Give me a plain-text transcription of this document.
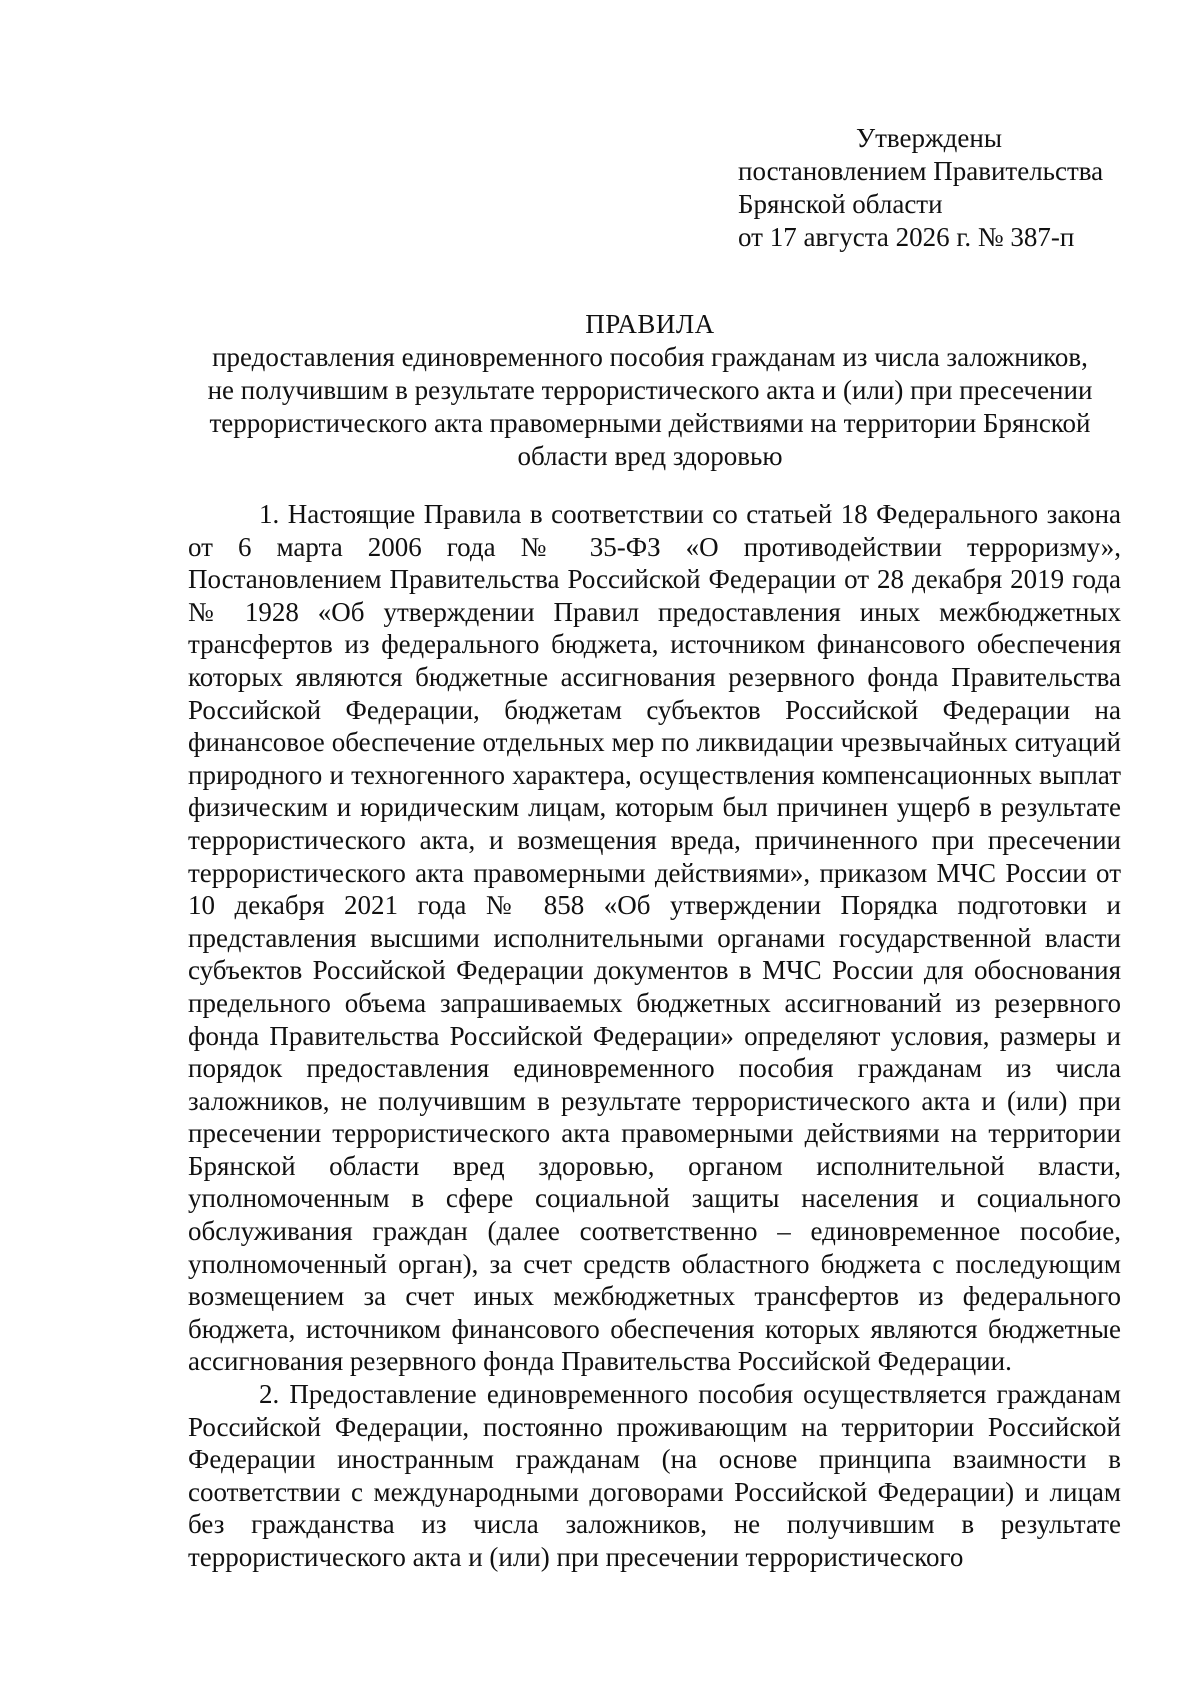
Утверждены
постановлением Правительства
Брянской области
от 17 августа 2026 г. № 387-п
ПРАВИЛА
предоставления единовременного пособия гражданам из числа заложников,
не получившим в результате террористического акта и (или) при пресечении
террористического акта правомерными действиями на территории Брянской
области вред здоровью

1. Настоящие Правила в соответствии со статьей 18 Федерального закона от 6 марта 2006 года № 35-ФЗ «О противодействии терроризму», Постановлением Правительства Российской Федерации от 28 декабря 2019 года № 1928 «Об утверждении Правил предоставления иных межбюджетных трансфертов из федерального бюджета, источником финансового обеспечения которых являются бюджетные ассигнования резервного фонда Правительства Российской Федерации, бюджетам субъектов Российской Федерации на финансовое обеспечение отдельных мер по ликвидации чрезвычайных ситуаций природного и техногенного характера, осуществления компенсационных выплат физическим и юридическим лицам, которым был причинен ущерб в результате террористического акта, и возмещения вреда, причиненного при пресечении террористического акта правомерными действиями», приказом МЧС России от 10 декабря 2021 года № 858 «Об утверждении Порядка подготовки и представления высшими исполнительными органами государственной власти субъектов Российской Федерации документов в МЧС России для обоснования предельного объема запрашиваемых бюджетных ассигнований из резервного фонда Правительства Российской Федерации» определяют условия, размеры и порядок предоставления единовременного пособия гражданам из числа заложников, не получившим в результате террористического акта и (или) при пресечении террористического акта правомерными действиями на территории Брянской области вред здоровью, органом исполнительной власти, уполномоченным в сфере социальной защиты населения и социального обслуживания граждан (далее соответственно – единовременное пособие, уполномоченный орган), за счет средств областного бюджета с последующим возмещением за счет иных межбюджетных трансфертов из федерального бюджета, источником финансового обеспечения которых являются бюджетные ассигнования резервного фонда Правительства Российской Федерации.

2. Предоставление единовременного пособия осуществляется гражданам Российской Федерации, постоянно проживающим на территории Российской Федерации иностранным гражданам (на основе принципа взаимности в соответствии с международными договорами Российской Федерации) и лицам без гражданства из числа заложников, не получившим в результате террористического акта и (или) при пресечении террористического
